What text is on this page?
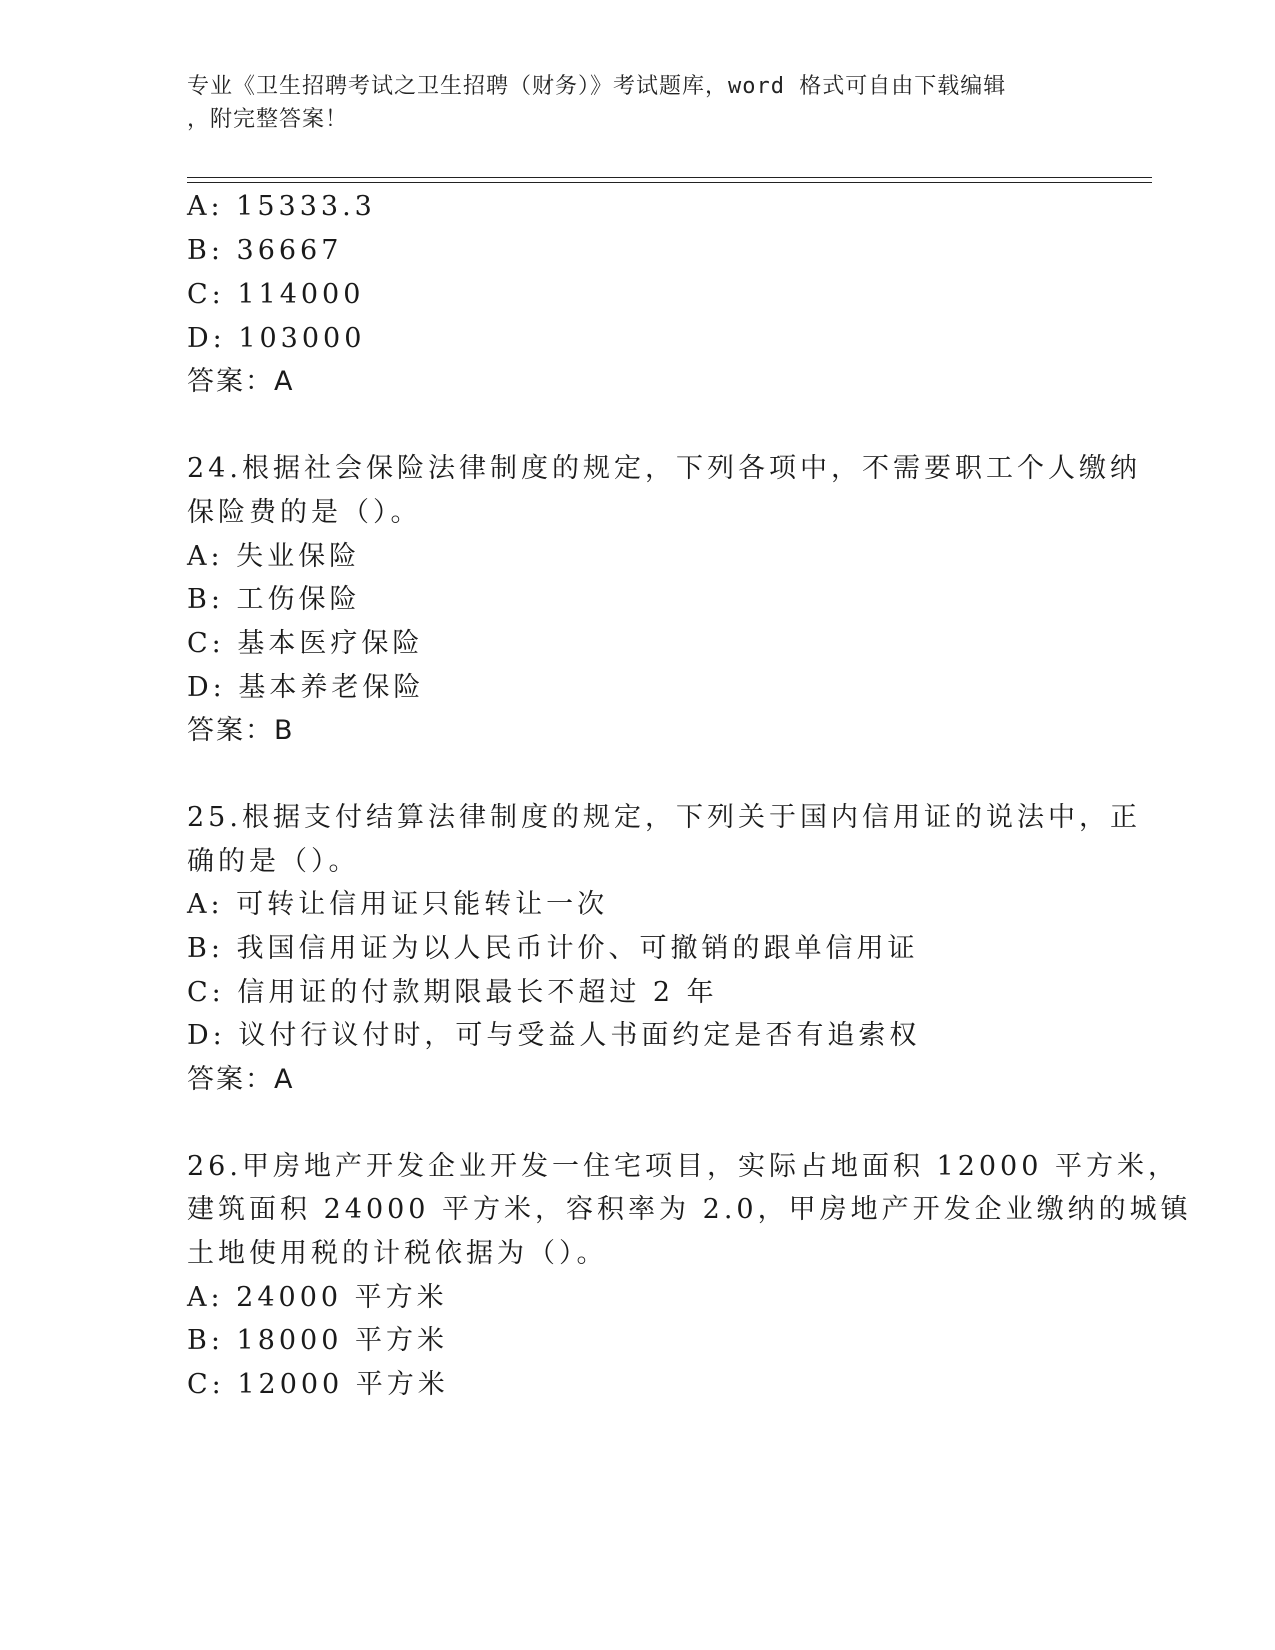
专业《卫生招聘考试之卫生招聘（财务）》考试题库，word 格式可自由下载编辑
，附完整答案！
A: 15333.3
B: 36667
C: 114000
D: 103000
答案：A
24.根据社会保险法律制度的规定，下列各项中，不需要职工个人缴纳
保险费的是（）。
A: 失业保险
B: 工伤保险
C: 基本医疗保险
D: 基本养老保险
答案：B
25.根据支付结算法律制度的规定，下列关于国内信用证的说法中，正
确的是（）。
A: 可转让信用证只能转让一次
B: 我国信用证为以人民币计价、可撤销的跟单信用证
C: 信用证的付款期限最长不超过 2 年
D: 议付行议付时，可与受益人书面约定是否有追索权
答案：A
26.甲房地产开发企业开发一住宅项目，实际占地面积 12000 平方米，
建筑面积 24000 平方米，容积率为 2.0，甲房地产开发企业缴纳的城镇
土地使用税的计税依据为（）。
A: 24000 平方米
B: 18000 平方米
C: 12000 平方米
